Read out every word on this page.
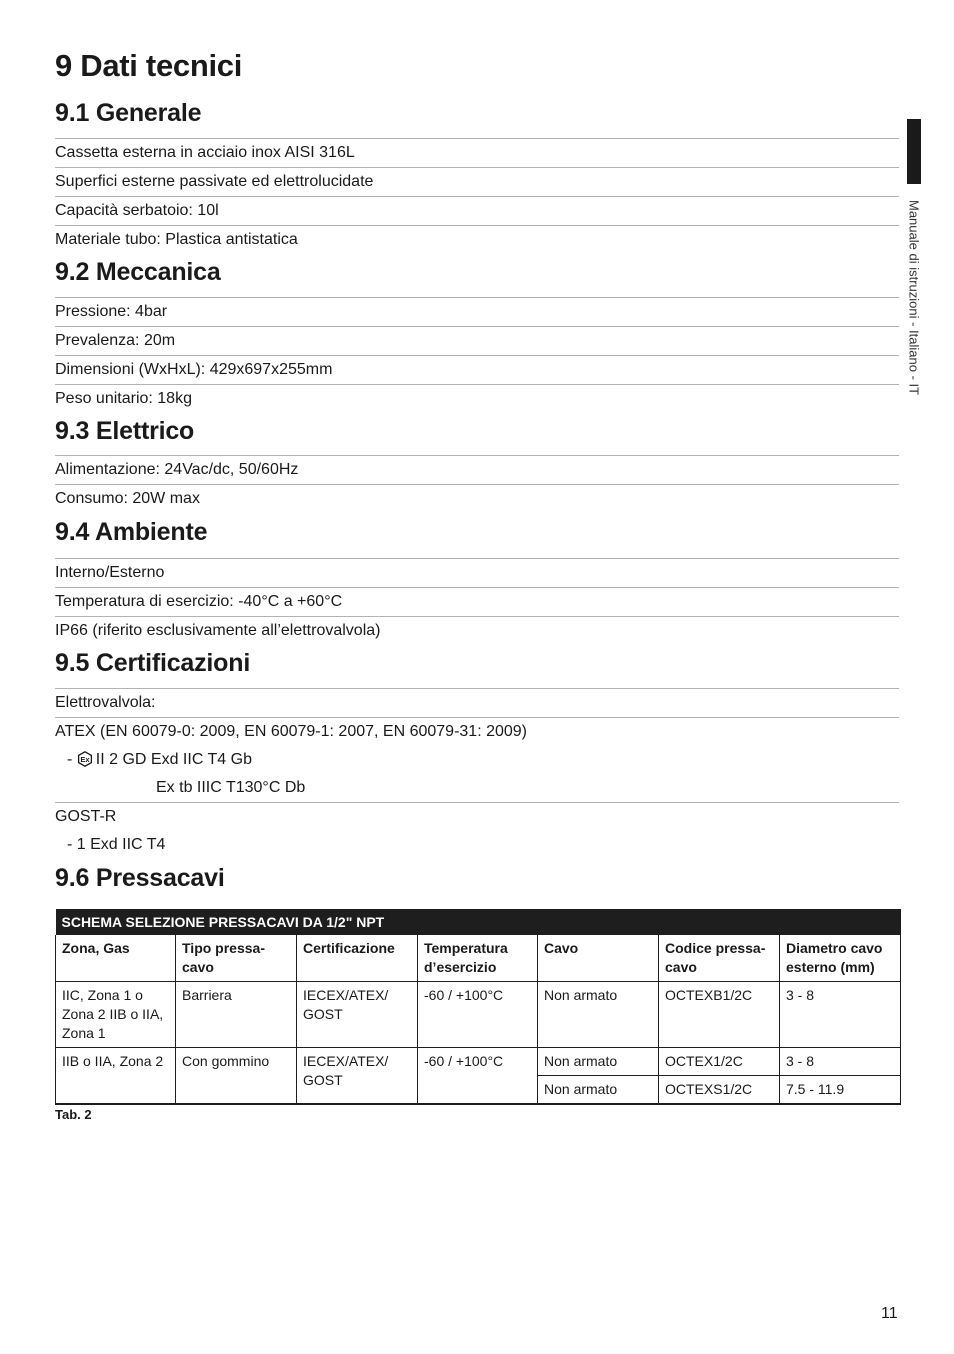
9 Dati tecnici
Manuale di istruzioni - Italiano - IT
9.1 Generale
Cassetta esterna in acciaio inox AISI 316L
Superfici esterne passivate ed elettrolucidate
Capacità serbatoio: 10l
Materiale tubo: Plastica antistatica
9.2 Meccanica
Pressione: 4bar
Prevalenza: 20m
Dimensioni (WxHxL): 429x697x255mm
Peso unitario: 18kg
9.3 Elettrico
Alimentazione: 24Vac/dc, 50/60Hz
Consumo: 20W max
9.4 Ambiente
Interno/Esterno
Temperatura di esercizio: -40°C a +60°C
IP66 (riferito esclusivamente all’elettrovalvola)
9.5 Certificazioni
Elettrovalvola:
ATEX (EN 60079-0: 2009, EN 60079-1: 2007, EN 60079-31: 2009)
- Ex II 2 GD Exd IIC T4 Gb
Ex tb IIIC T130°C Db
GOST-R
- 1 Exd IIC T4
9.6 Pressacavi
SCHEMA SELEZIONE PRESSACAVI DA 1/2" NPT						
Zona, Gas	Tipo pressa-cavo	Certificazione	Temperatura d’esercizio	Cavo	Codice pressa-cavo	Diametro cavo esterno (mm)
IIC, Zona 1 o Zona 2 IIB o IIA, Zona 1	Barriera	IECEX/ATEX/ GOST	-60 / +100°C	Non armato	OCTEXB1/2C	3 - 8
IIB o IIA, Zona 2	Con gommino	IECEX/ATEX/ GOST	-60 / +100°C	Non armato	OCTEX1/2C	3 - 8
				Non armato	OCTEXS1/2C	7.5 - 11.9
Tab. 2
11
